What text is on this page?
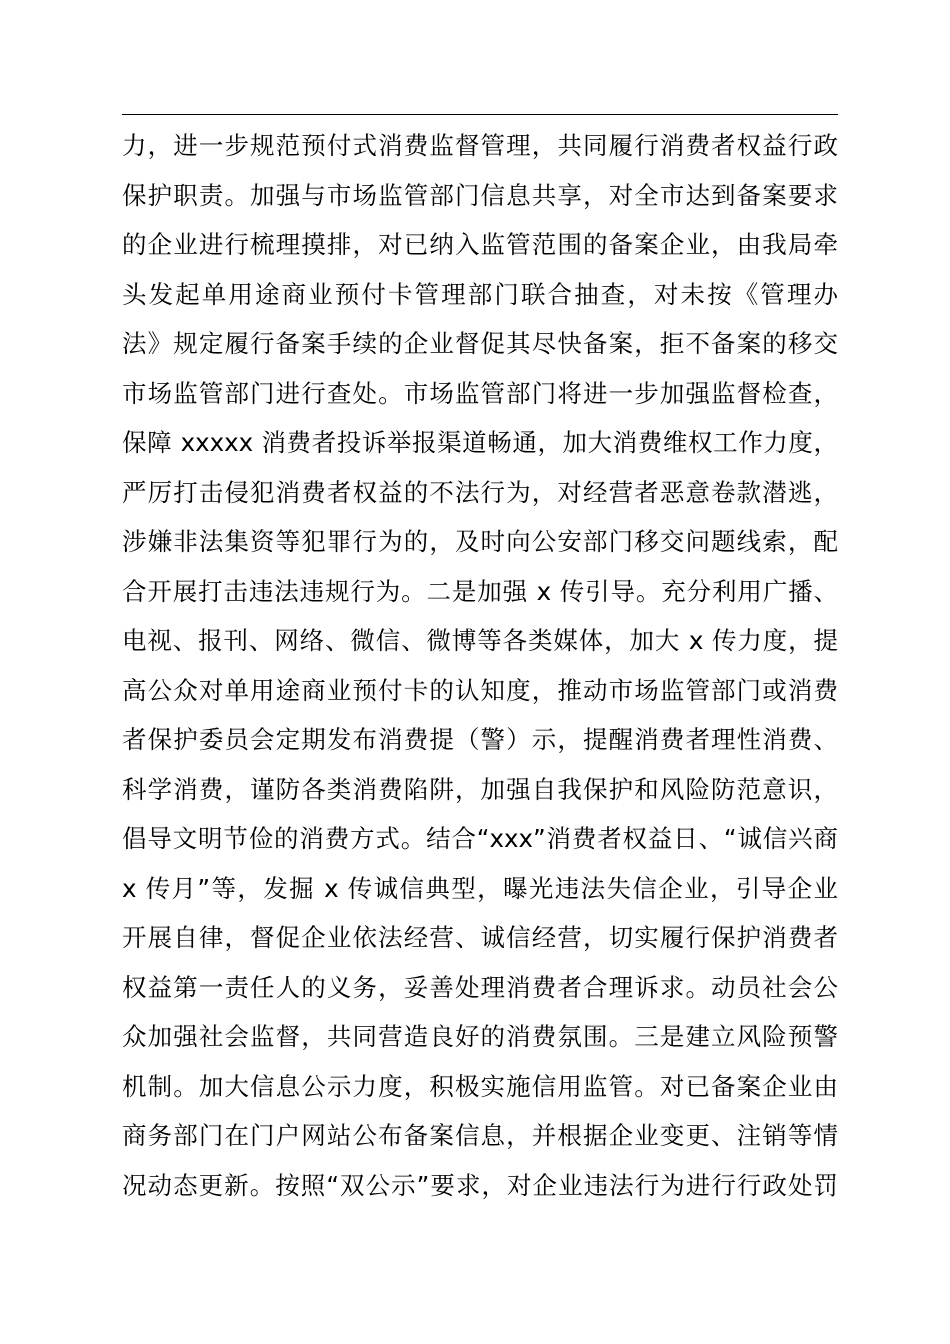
力，进一步规范预付式消费监督管理，共同履行消费者权益行政
保护职责。加强与市场监管部门信息共享，对全市达到备案要求
的企业进行梳理摸排，对已纳入监管范围的备案企业，由我局牵
头发起单用途商业预付卡管理部门联合抽查，对未按《管理办
法》规定履行备案手续的企业督促其尽快备案，拒不备案的移交
市场监管部门进行查处。市场监管部门将进一步加强监督检查，
保障 xxxxx 消费者投诉举报渠道畅通，加大消费维权工作力度，
严厉打击侵犯消费者权益的不法行为，对经营者恶意卷款潜逃，
涉嫌非法集资等犯罪行为的，及时向公安部门移交问题线索，配
合开展打击违法违规行为。二是加强 x 传引导。充分利用广播、
电视、报刊、网络、微信、微博等各类媒体，加大 x 传力度，提
高公众对单用途商业预付卡的认知度，推动市场监管部门或消费
者保护委员会定期发布消费提（警）示，提醒消费者理性消费、
科学消费，谨防各类消费陷阱，加强自我保护和风险防范意识，
倡导文明节俭的消费方式。结合“xxx”消费者权益日、“诚信兴商
x 传月”等，发掘 x 传诚信典型，曝光违法失信企业，引导企业
开展自律，督促企业依法经营、诚信经营，切实履行保护消费者
权益第一责任人的义务，妥善处理消费者合理诉求。动员社会公
众加强社会监督，共同营造良好的消费氛围。三是建立风险预警
机制。加大信息公示力度，积极实施信用监管。对已备案企业由
商务部门在门户网站公布备案信息，并根据企业变更、注销等情
况动态更新。按照“双公示”要求，对企业违法行为进行行政处罚
